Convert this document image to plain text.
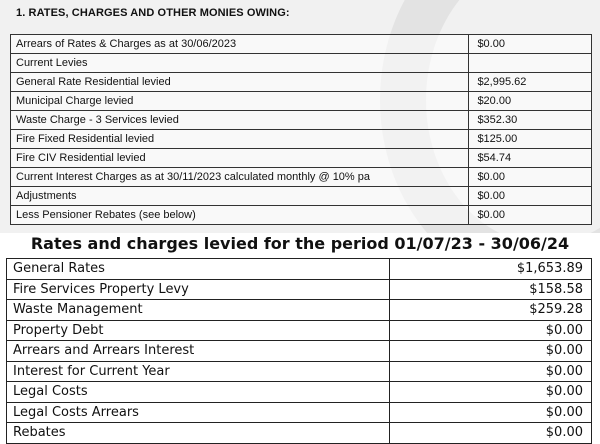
1. RATES, CHARGES AND OTHER MONIES OWING:
Arrears of Rates & Charges as at 30/06/2023	$0.00
Current Levies	
General Rate Residential levied	$2,995.62
Municipal Charge levied	$20.00
Waste Charge - 3 Services levied	$352.30
Fire Fixed Residential levied	$125.00
Fire CIV Residential levied	$54.74
Current Interest Charges as at 30/11/2023 calculated monthly @ 10% pa	$0.00
Adjustments	$0.00
Less Pensioner Rebates (see below)	$0.00
Rates and charges levied for the period 01/07/23 - 30/06/24
General Rates	$1,653.89
Fire Services Property Levy	$158.58
Waste Management	$259.28
Property Debt	$0.00
Arrears and Arrears Interest	$0.00
Interest for Current Year	$0.00
Legal Costs	$0.00
Legal Costs Arrears	$0.00
Rebates	$0.00
